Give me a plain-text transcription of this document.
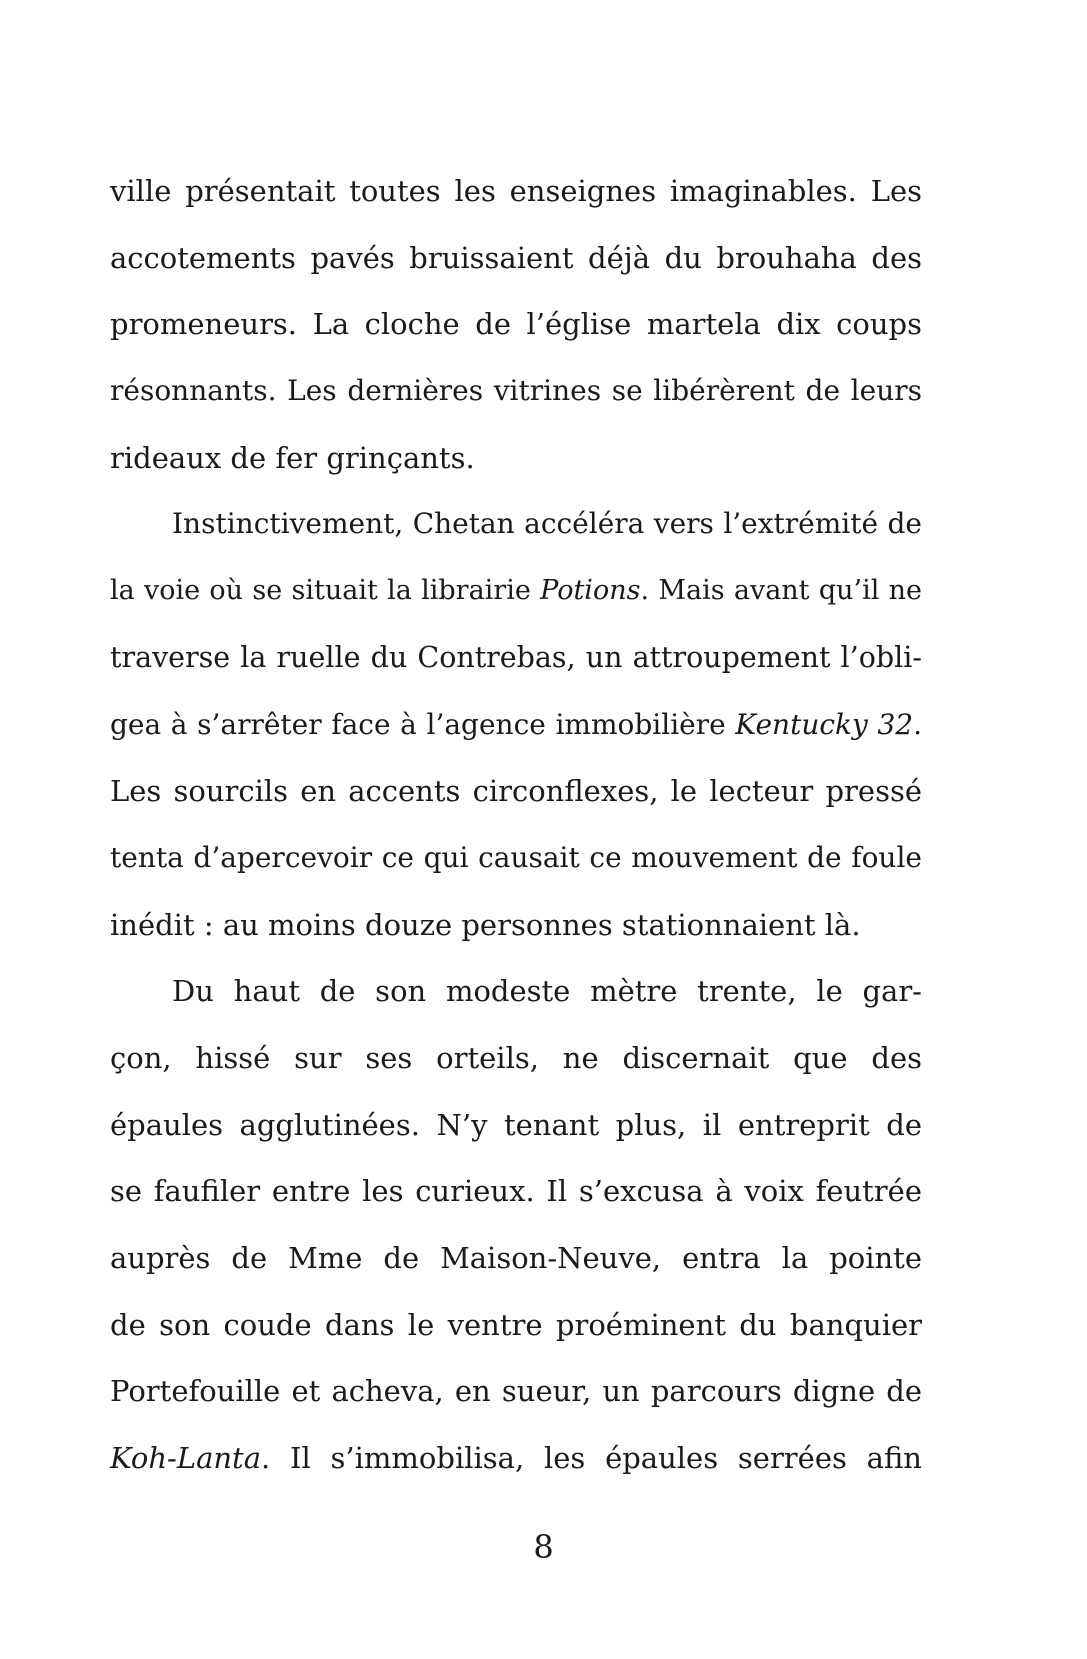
ville présentait toutes les enseignes imaginables. Les
accotements pavés bruissaient déjà du brouhaha des
promeneurs. La cloche de l’église martela dix coups
résonnants. Les dernières vitrines se libérèrent de leurs
rideaux de fer grinçants.
Instinctivement, Chetan accéléra vers l’extrémité de
la voie où se situait la librairie Potions. Mais avant qu’il ne
traverse la ruelle du Contrebas, un attroupement l’obli-
gea à s’arrêter face à l’agence immobilière Kentucky 32.
Les sourcils en accents circonflexes, le lecteur pressé
tenta d’apercevoir ce qui causait ce mouvement de foule
inédit : au moins douze personnes stationnaient là.
Du haut de son modeste mètre trente, le gar-
çon, hissé sur ses orteils, ne discernait que des
épaules agglutinées. N’y tenant plus, il entreprit de
se faufiler entre les curieux. Il s’excusa à voix feutrée
auprès de Mme de Maison-Neuve, entra la pointe
de son coude dans le ventre proéminent du banquier
Portefouille et acheva, en sueur, un parcours digne de
Koh-Lanta. Il s’immobilisa, les épaules serrées afin
8
